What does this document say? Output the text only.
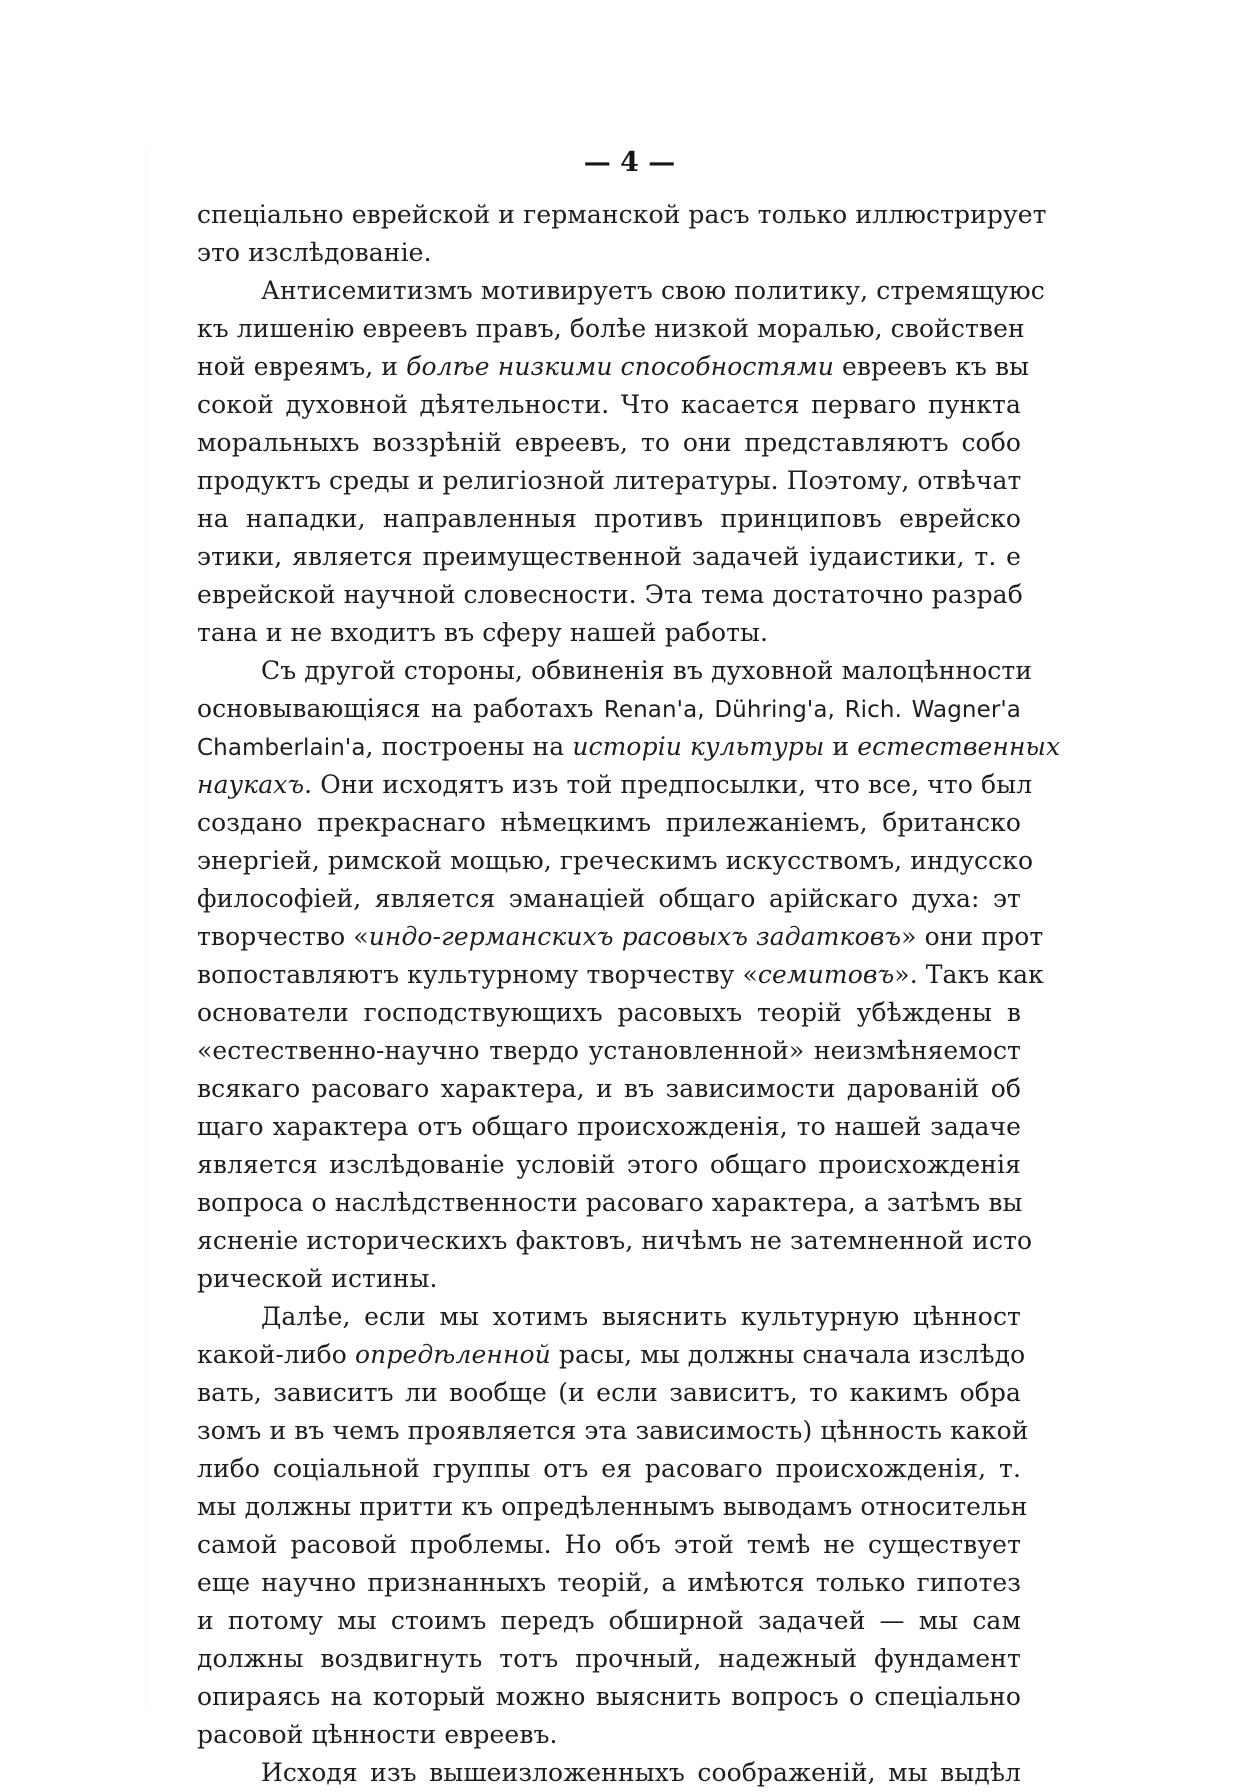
— 4 —
спеціально еврейской и германской расъ только иллюстрирует
это изслѣдованіе.
Антисемитизмъ мотивируетъ свою политику, стремящуюс
къ лишенію евреевъ правъ, болѣе низкой моралью, свойствен
ной евреямъ, и болѣе низкими способностями евреевъ къ вы
сокой духовной дѣятельности. Что касается перваго пункта
моральныхъ воззрѣній евреевъ, то они представляютъ собо
продуктъ среды и религіозной литературы. Поэтому, отвѣчат
на нападки, направленныя противъ принциповъ еврейско
этики, является преимущественной задачей іудаистики, т. е
еврейской научной словесности. Эта тема достаточно разраб
тана и не входитъ въ сферу нашей работы.
Съ другой стороны, обвиненія въ духовной малоцѣнности
основывающіяся на работахъ Renan'a, Dühring'a, Rich. Wagner'a
Chamberlain'a, построены на исторіи культуры и естественных
наукахъ. Они исходятъ изъ той предпосылки, что все, что был
создано прекраснаго нѣмецкимъ прилежаніемъ, британско
энергіей, римской мощью, греческимъ искусствомъ, индусско
философіей, является эманаціей общаго арійскаго духа: эт
творчество «индо-германскихъ расовыхъ задатковъ» они прот
вопоставляютъ культурному творчеству «семитовъ». Такъ как
основатели господствующихъ расовыхъ теорій убѣждены в
«естественно-научно твердо установленной» неизмѣняемост
всякаго расоваго характера, и въ зависимости дарованій об
щаго характера отъ общаго происхожденія, то нашей задаче
является изслѣдованіе условій этого общаго происхожденія
вопроса о наслѣдственности расоваго характера, а затѣмъ вы
ясненіе историческихъ фактовъ, ничѣмъ не затемненной исто
рической истины.
Далѣе, если мы хотимъ выяснить культурную цѣнност
какой-либо опредѣленной расы, мы должны сначала изслѣдо
вать, зависитъ ли вообще (и если зависитъ, то какимъ обра
зомъ и въ чемъ проявляется эта зависимость) цѣнность какой
либо соціальной группы отъ ея расоваго происхожденія, т.
мы должны притти къ опредѣленнымъ выводамъ относительн
самой расовой проблемы. Но объ этой темѣ не существует
еще научно признанныхъ теорій, а имѣются только гипотез
и потому мы стоимъ передъ обширной задачей — мы сам
должны воздвигнуть тотъ прочный, надежный фундамент
опираясь на который можно выяснить вопросъ о спеціально
расовой цѣнности евреевъ.
Исходя изъ вышеизложенныхъ соображеній, мы выдѣл
